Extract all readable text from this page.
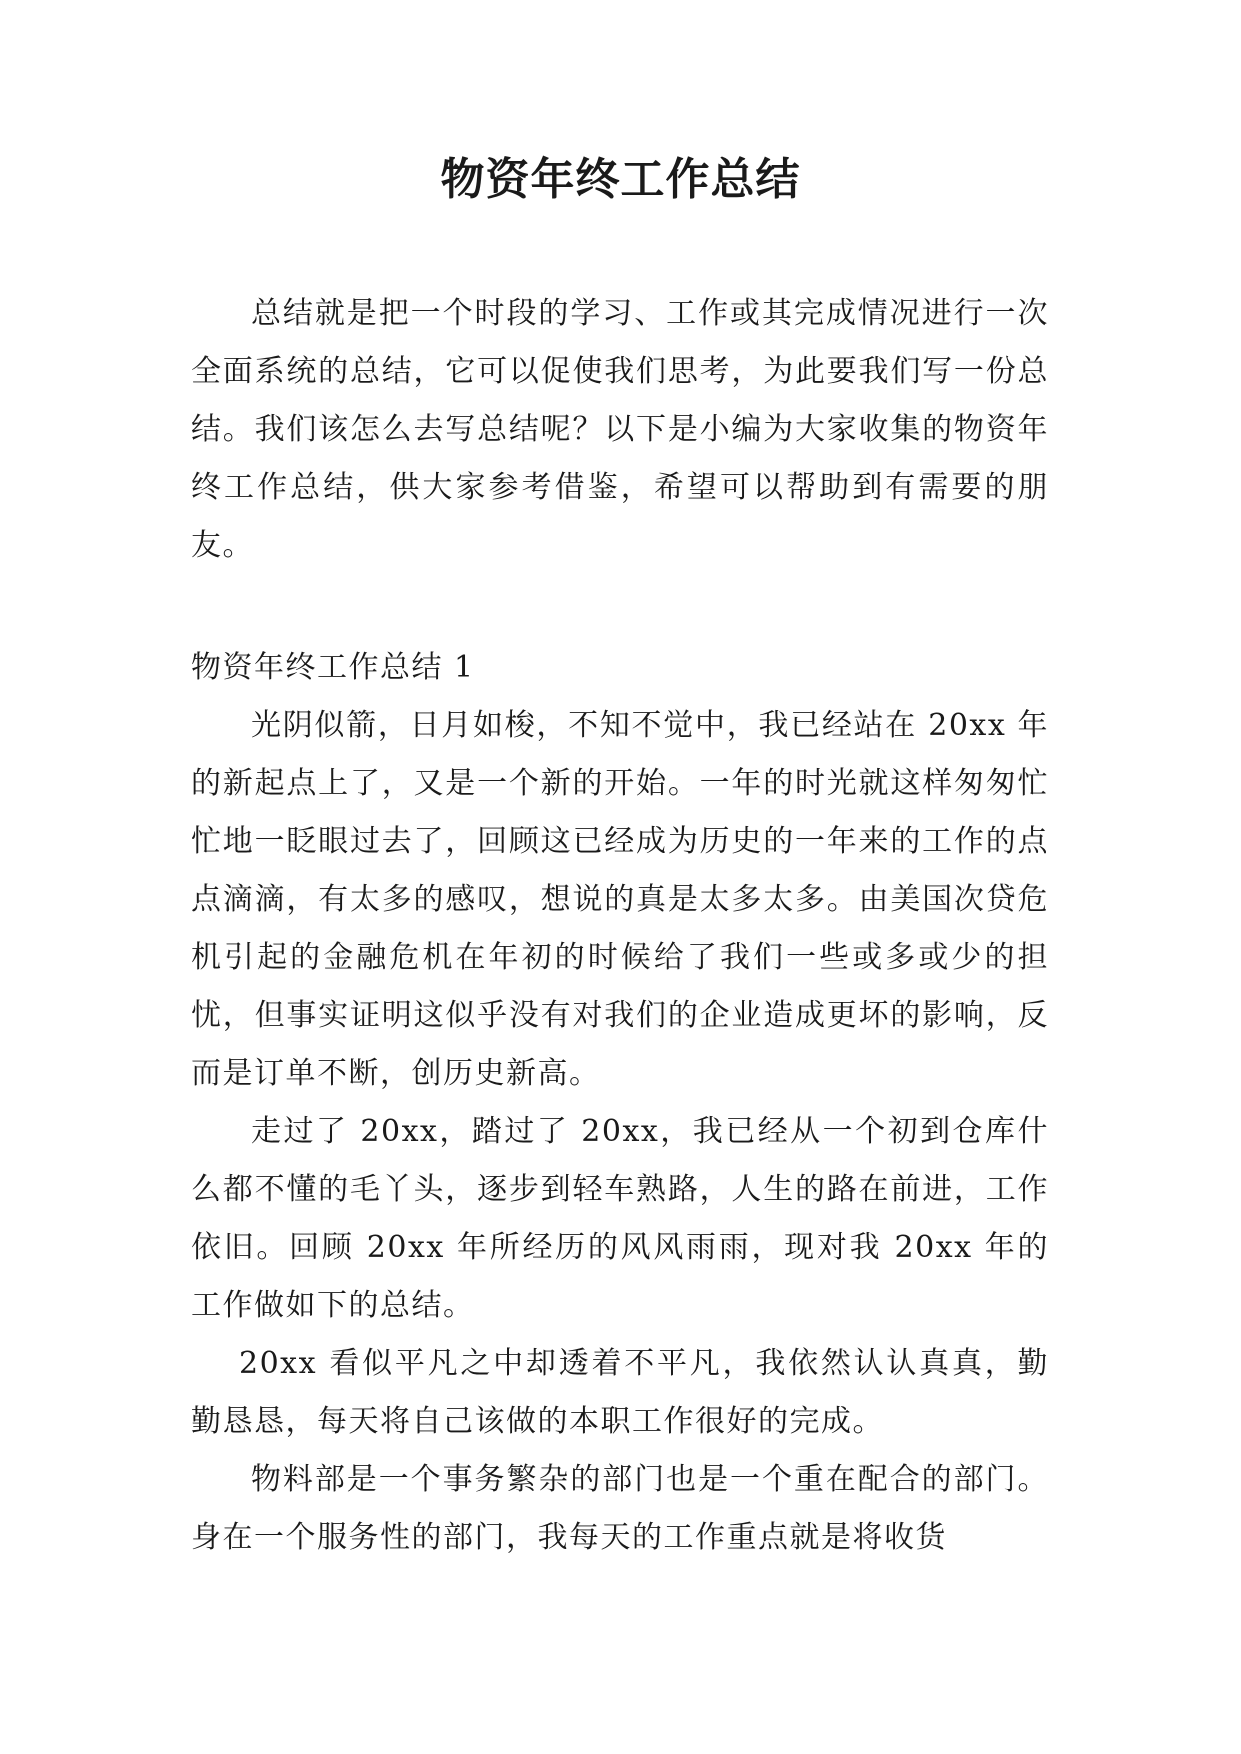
物资年终工作总结

总结就是把一个时段的学习、工作或其完成情况进行一次全面系统的总结，它可以促使我们思考，为此要我们写一份总结。我们该怎么去写总结呢？以下是小编为大家收集的物资年终工作总结，供大家参考借鉴，希望可以帮助到有需要的朋友。

物资年终工作总结 1

光阴似箭，日月如梭，不知不觉中，我已经站在 20xx 年的新起点上了，又是一个新的开始。一年的时光就这样匆匆忙忙地一眨眼过去了，回顾这已经成为历史的一年来的工作的点点滴滴，有太多的感叹，想说的真是太多太多。由美国次贷危机引起的金融危机在年初的时候给了我们一些或多或少的担忧，但事实证明这似乎没有对我们的企业造成更坏的影响，反而是订单不断，创历史新高。

走过了 20xx，踏过了 20xx，我已经从一个初到仓库什么都不懂的毛丫头，逐步到轻车熟路，人生的路在前进，工作依旧。回顾 20xx 年所经历的风风雨雨，现对我 20xx 年的工作做如下的总结。

20xx 看似平凡之中却透着不平凡，我依然认认真真，勤勤恳恳，每天将自己该做的本职工作很好的完成。

物料部是一个事务繁杂的部门也是一个重在配合的部门。身在一个服务性的部门，我每天的工作重点就是将收货
